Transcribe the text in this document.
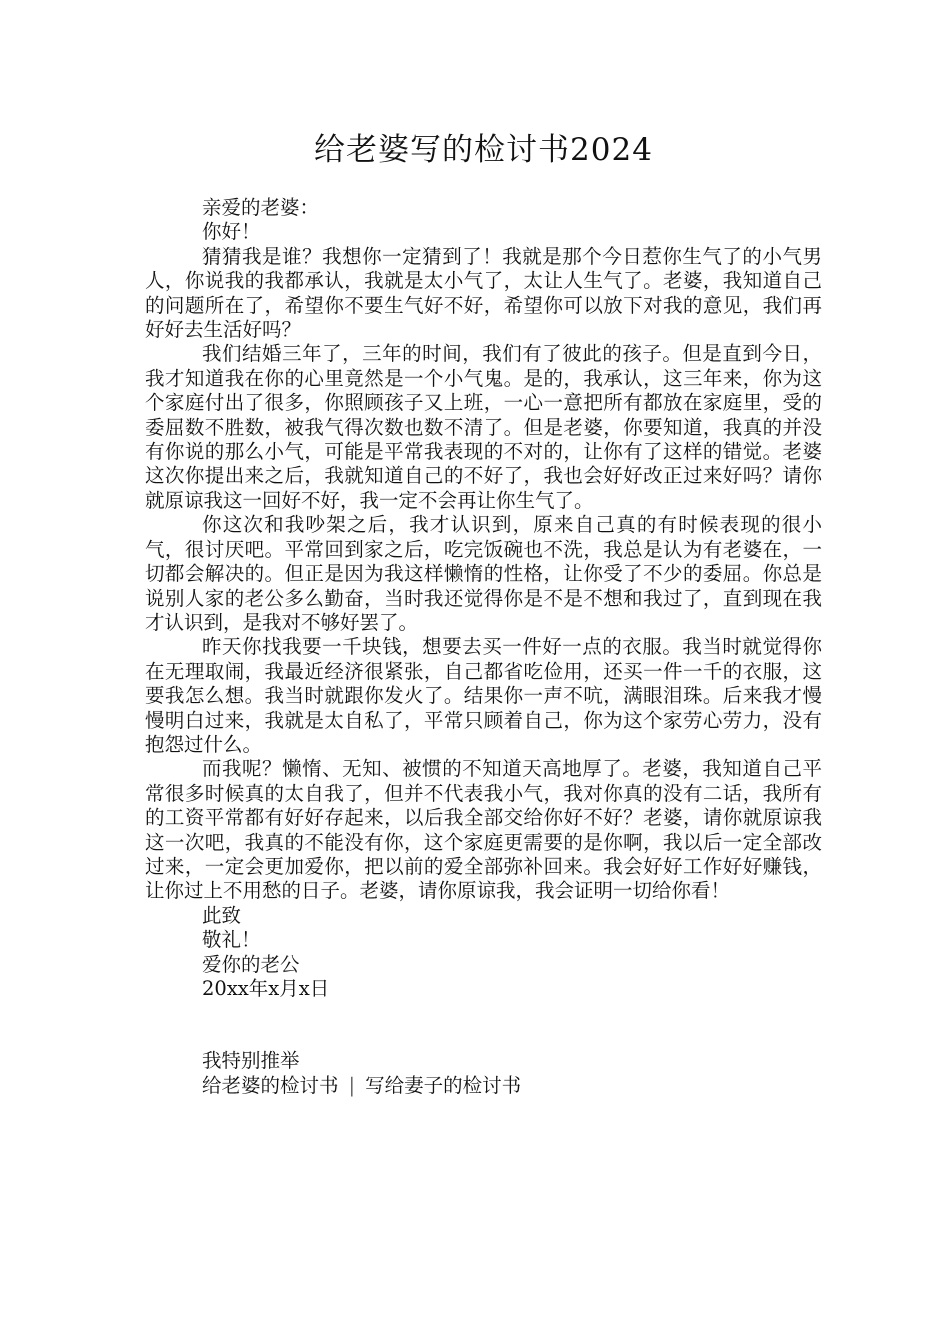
给老婆写的检讨书2024
亲爱的老婆：
你好！

猜猜我是谁？我想你一定猜到了！我就是那个今日惹你生气了的小气男人，你说我的我都承认，我就是太小气了，太让人生气了。老婆，我知道自己的问题所在了，希望你不要生气好不好，希望你可以放下对我的意见，我们再好好去生活好吗？

我们结婚三年了，三年的时间，我们有了彼此的孩子。但是直到今日，我才知道我在你的心里竟然是一个小气鬼。是的，我承认，这三年来，你为这个家庭付出了很多，你照顾孩子又上班，一心一意把所有都放在家庭里，受的委屈数不胜数，被我气得次数也数不清了。但是老婆，你要知道，我真的并没有你说的那么小气，可能是平常我表现的不对的，让你有了这样的错觉。老婆这次你提出来之后，我就知道自己的不好了，我也会好好改正过来好吗？请你就原谅我这一回好不好，我一定不会再让你生气了。

你这次和我吵架之后，我才认识到，原来自己真的有时候表现的很小气，很讨厌吧。平常回到家之后，吃完饭碗也不洗，我总是认为有老婆在，一切都会解决的。但正是因为我这样懒惰的性格，让你受了不少的委屈。你总是说别人家的老公多么勤奋，当时我还觉得你是不是不想和我过了，直到现在我才认识到，是我对不够好罢了。

昨天你找我要一千块钱，想要去买一件好一点的衣服。我当时就觉得你在无理取闹，我最近经济很紧张，自己都省吃俭用，还买一件一千的衣服，这要我怎么想。我当时就跟你发火了。结果你一声不吭，满眼泪珠。后来我才慢慢明白过来，我就是太自私了，平常只顾着自己，你为这个家劳心劳力，没有抱怨过什么。

而我呢？懒惰、无知、被惯的不知道天高地厚了。老婆，我知道自己平常很多时候真的太自我了，但并不代表我小气，我对你真的没有二话，我所有的工资平常都有好好存起来，以后我全部交给你好不好？老婆，请你就原谅我这一次吧，我真的不能没有你，这个家庭更需要的是你啊，我以后一定全部改过来，一定会更加爱你，把以前的爱全部弥补回来。我会好好工作好好赚钱，让你过上不用愁的日子。老婆，请你原谅我，我会证明一切给你看！

此致
敬礼！
爱你的老公
20xx年x月x日
我特别推举
给老婆的检讨书 | 写给妻子的检讨书
